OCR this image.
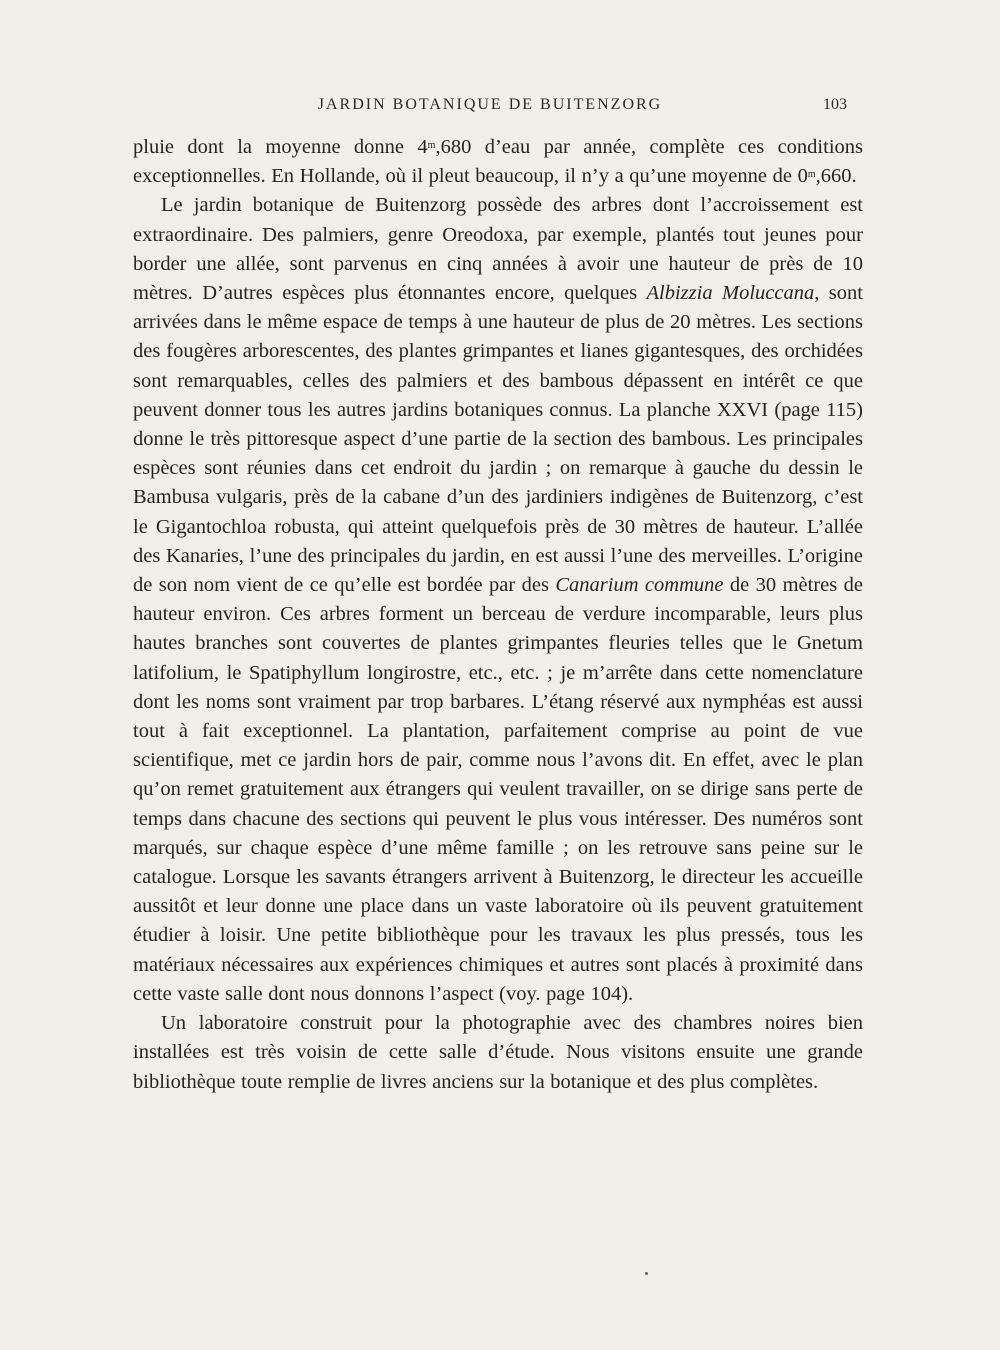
JARDIN BOTANIQUE DE BUITENZORG	103

pluie dont la moyenne donne 4$^m$,680 d’eau par année, complète ces conditions exceptionnelles. En Hollande, où il pleut beaucoup, il n’y a qu’une moyenne de 0$^m$,660.

Le jardin botanique de Buitenzorg possède des arbres dont l’accroissement est extraordinaire. Des palmiers, genre Oreodoxa, par exemple, plantés tout jeunes pour border une allée, sont parvenus en cinq années à avoir une hauteur de près de 10 mètres. D’autres espèces plus étonnantes encore, quelques Albizzia Moluccana, sont arrivées dans le même espace de temps à une hauteur de plus de 20 mètres. Les sections des fougères arborescentes, des plantes grimpantes et lianes gigantesques, des orchidées sont remarquables, celles des palmiers et des bambous dépassent en intérêt ce que peuvent donner tous les autres jardins botaniques connus. La planche XXVI (page 115) donne le très pittoresque aspect d’une partie de la section des bambous. Les principales espèces sont réunies dans cet endroit du jardin ; on remarque à gauche du dessin le Bambusa vulgaris, près de la cabane d’un des jardiniers indigènes de Buitenzorg, c’est le Gigantochloa robusta, qui atteint quelquefois près de 30 mètres de hauteur. L’allée des Kanaries, l’une des principales du jardin, en est aussi l’une des merveilles. L’origine de son nom vient de ce qu’elle est bordée par des Canarium commune de 30 mètres de hauteur environ. Ces arbres forment un berceau de verdure incomparable, leurs plus hautes branches sont couvertes de plantes grimpantes fleuries telles que le Gnetum latifolium, le Spatiphyllum longirostre, etc., etc. ; je m’arrête dans cette nomenclature dont les noms sont vraiment par trop barbares. L’étang réservé aux nymphéas est aussi tout à fait exceptionnel. La plantation, parfaitement comprise au point de vue scientifique, met ce jardin hors de pair, comme nous l’avons dit. En effet, avec le plan qu’on remet gratuitement aux étrangers qui veulent travailler, on se dirige sans perte de temps dans chacune des sections qui peuvent le plus vous intéresser. Des numéros sont marqués, sur chaque espèce d’une même famille ; on les retrouve sans peine sur le catalogue. Lorsque les savants étrangers arrivent à Buitenzorg, le directeur les accueille aussitôt et leur donne une place dans un vaste laboratoire où ils peuvent gratuitement étudier à loisir. Une petite bibliothèque pour les travaux les plus pressés, tous les matériaux nécessaires aux expériences chimiques et autres sont placés à proximité dans cette vaste salle dont nous donnons l’aspect (voy. page 104).

Un laboratoire construit pour la photographie avec des chambres noires bien installées est très voisin de cette salle d’étude. Nous visitons ensuite une grande bibliothèque toute remplie de livres anciens sur la botanique et des plus complètes.
